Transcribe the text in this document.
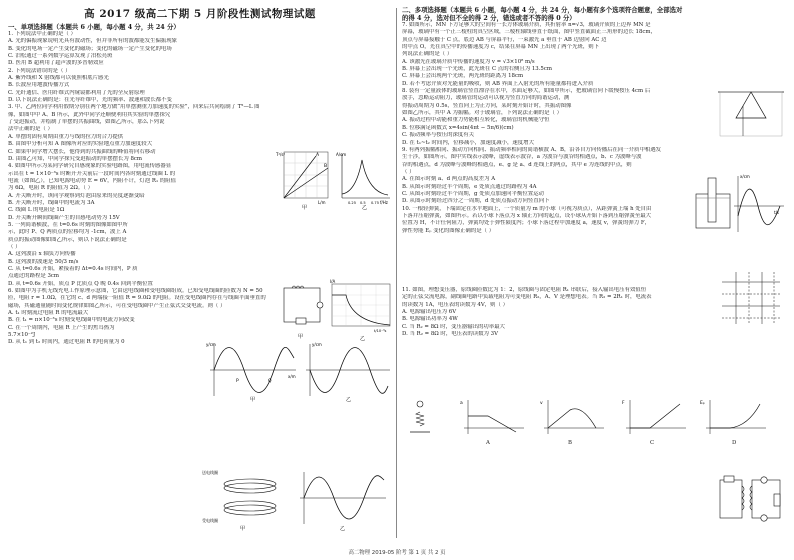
高 2017 级高二下期 5 月阶段性测试物理试题
一、单项选择题（本题共 6 小题，每小题 4 分，共 24 分）
1. 下列说法中正确的是（ ）
A. 光的偏振现象说明光具有波动性，但并非所有的波都能发生偏振现象
B. 变化的电场一定产生变化的磁场；变化的磁场一定产生变化的电场
C. 泊松通过一系列数学运算发现了泊松亮斑
D. 医用 B 超利用了超声波的多普勒效应
2. 下列说法错误的是（ ）
A. 紫外线和 X 射线都可以使照相底片感光
B. 长波应用地波传播方式
C. 光纤通信、医用纤维式内窥镜都利用了光的全反射原理
D. 以下说法正确的是：在光导纤维中，光的频率、波速和波长都不变
3. 甲、乙两位同学利用假期分别在两个地方做“用单摆测重力加速度的实验”，回来后共同绘制了 T²—L 图
像，如图甲中 A、B 所示，此外甲同学还顺便利用其实验的单摆探究
了受迫振动，并绘制了单摆的共振曲线，如图乙所示，那么下列说
法中正确的是（ ）
A. 单摆的固有周期由重力与线的拉力的合力提供
B. 由图甲分析可知 A 图像所对应的实验地点重力加速度较大
C. 如果甲同学增大摆长，他得到的共振曲线的峰值将向右移动
D. 由图乙可知，甲同学探究受迫振动的单摆摆长为 8cm
4. 如图甲所示为某同学研究自感现象的实验电路图，用电流传感器显
示出在 t = 1×10⁻³s 时断开开关前后一段时间内各时刻通过线圈 L 的
电流（如图乙），已知电源电动势 E = 6V，内阻不计，灯泡 R₁ 的阻值
为 6Ω，电阻 R 的阻值为 2Ω。（ ）
A. 开关断开时，该同学观察到灯泡由原来的亮度逐渐变暗
B. 开关断开时，线圈中的电流为 3A
C. 线圈 L 的电阻是 1Ω
D. 开关断开瞬间线圈产生的自感电动势为 15V
5. 一列简谐横波，在 t=0.6s 时刻的图像如图甲所
示，此时 P、Q 两质点的位移均为 -1cm，波上 A
质点的振动图像如图乙所示，则以下说法正确的是
（ ）
A. 这列波沿 x 轴负方向传播
B. 这列波的波速是 50/3 m/s
C. 从 t=0.6s 开始，紧接着的 Δt=0.4s 时间内，P 质
点通过的路程是 3cm
D. 从 t=0.6s 开始，质点 P 比质点 Q 晚 0.4s 回到平衡位置
6. 如图甲为手机无线充电工作原理示意图，它由送电线圈和受电线圈组成。已知受电线圈的匝数为 N = 50
匝，电阻 r = 1.0Ω，在它的 c、d 两端接一阻值 R = 9.0Ω 的电阻。设在受电线圈内存在与线圈平面垂直的
磁场，其磁通量随时间变化规律如图乙所示，可在受电线圈中产生正弦式交变电流。则（ ）
A. t₁ 时刻流过电阻 R 的电流最大
B. 在 t₁ = π×10⁻³s 时刻受电线圈中的电流方向改变
C. 在一个周期内，电阻 R 上产生的焦耳热为
5.7×10⁻²J
D. 从 t₁ 到 t₂ 时间内，通过电阻 R 的电荷量为 0
二、多项选择题（本题共 6 小题，每小题 4 分，共 24 分，每小题有多个选项符合题意，全部选对
的得 4 分，选对但不全的得 2 分，错选或者不答的得 0 分）
7. 如图所示，MN 下方足够大的空间有一长方体玻璃介质，其折射率 n=√3，玻璃介质的上边界 MN 是
屏幕，玻璃中有一个正三棱柱的真空区域，三棱柱轴线垂直于纸面，图中竖直截面正三角形的边长 18cm，
顶点与屏幕接触于 C 点，底边 AB 与屏幕平行，一束激光 a 垂直于 AB 边射向 AC 边
的中点 O，光在真空中的传播速度为 c，结果在屏幕 MN 上出现了两个光斑，则下
列说法正确的是（ ）
A. 该激光在玻璃介质中传播的速度为 v = √3×10⁸ m/s
B. 屏幕上会出现一个光斑，此光斑在 C 点的右侧且为 13.5cm
C. 屏幕上会出现两个光斑，两光斑的距离为 18cm
D. 若不考虑介质对光能量的吸收，则 AB 界面上入射光的所有能量都将进入介质
8. 装有一定量液体的玻璃管竖直漂浮在水中，水面足够大，如图甲所示，把玻璃管向下缓慢按压 4cm 后
放手，忽略运动阻力，玻璃管的运动可以视为竖直方向的简谐运动，测
得振动周期为 0.5s，竖直向上为正方向，某时刻开始计时，其振动图像
如图乙所示，其中 A 为振幅。对于玻璃管，下列说法正确的是（ ）
A. 振动过程中动能和重力势能相互转化，玻璃管的机械能守恒
B. 位移满足函数式 x=4sin(4πt − 5π/6)(cm)
C. 振动频率与按压的深度有关
D. 在 t₁~t₂ 时间内，位移减小，加速度减小，速度增大
9. 有两列振幅相同、振动方向相同、振动频率相同的简谐横波 A、B，沿各自方向传播后在同一介质中相遇发
生干涉，如图所示，图中实线表示波峰，虚线表示波谷，a 为波谷与波谷的相遇点，b、c 为波峰与波
谷的相遇点，d 为波峰与波峰的相遇点，e、g 是 a、d 连线上的两点，其中 e 为连线的中点，则
（ ）
A. 在图示时刻 a、d 两点的高度差为 A
B. 从图示时刻经过半个周期，e 处质点通过的路程为 4A
C. 从图示时刻经过半个周期，g 处质点加速向平衡位置运动
D. 从图示时刻经过四分之一周期，d 处质点振动方向竖直向下
10. 一根轻弹簧，下端固定在水平地面上，一个质量为 m 的小球（可视为质点），从距弹簧上端 h 处自由
下落并压缩弹簧，如图所示。若以小球下落点为 x 轴正方向的起点，设小球从开始下落到压缩弹簧至最大
位置为 H，不计任何阻力，弹簧均处于弹性限度内；小球下落过程中加速度 a，速度 v，弹簧的弹力 F，
弹性势能 Eₚ 变化的图像正确的是（ ）
11. 如图，理想变压器，原线圈匝数比为 1：2，原线圈与固定电阻 R₁ 串联后，接入输出电压有效值恒
定的正弦交流电源，副线圈电路中负载电阻为可变电阻 R₂，A、V 是理想电表。当 R₂ = 2R₁ 时，电流表
的读数为 1A，电压表的读数为 4V，则（ ）
A. 电源输出电压为 6V
B. 电源输出功率为 4W
C. 当 R₂ = 8Ω 时，变压器输出的功率最大
D. 当 R₂ = 8Ω 时，电压表的读数为 3V
A
B
T²/s²
L/m
甲
A/cm
f/Hz
0.25 0.5 0.75
乙
I/A
t/10⁻³s
甲	乙
y/cm
x/m
P	Q
甲
y/cm
乙
送电线圈
受电线圈
甲	乙
x/cm
t/s
a	v	F	Eₚ
A	B	C	D
高二物理 2019-05 阶考 第 1 页 共 2 页
